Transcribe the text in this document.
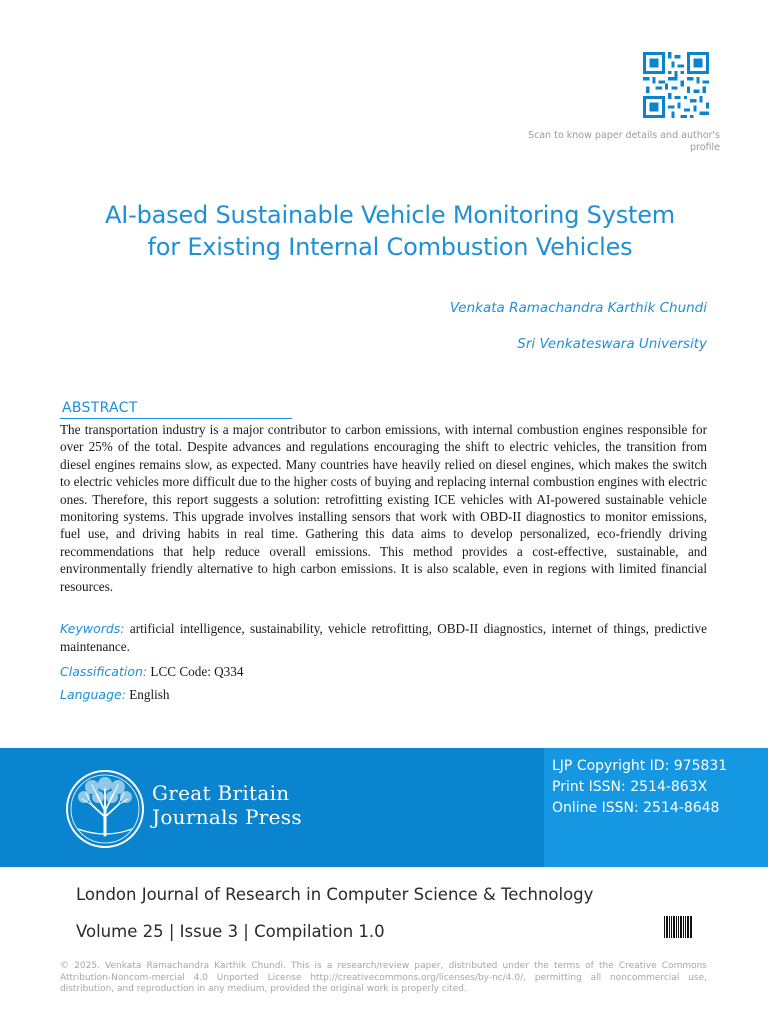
Scan to know paper details and author's profile
AI-based Sustainable Vehicle Monitoring System
for Existing Internal Combustion Vehicles
Venkata Ramachandra Karthik Chundi
Sri Venkateswara University
ABSTRACT
The transportation industry is a major contributor to carbon emissions, with internal combustion engines responsible for over 25% of the total. Despite advances and regulations encouraging the shift to electric vehicles, the transition from diesel engines remains slow, as expected. Many countries have heavily relied on diesel engines, which makes the switch to electric vehicles more difficult due to the higher costs of buying and replacing internal combustion engines with electric ones. Therefore, this report suggests a solution: retrofitting existing ICE vehicles with AI-powered sustainable vehicle monitoring systems. This upgrade involves installing sensors that work with OBD-II diagnostics to monitor emissions, fuel use, and driving habits in real time. Gathering this data aims to develop personalized, eco-friendly driving recommendations that help reduce overall emissions. This method provides a cost-effective, sustainable, and environmentally friendly alternative to high carbon emissions. It is also scalable, even in regions with limited financial resources.
Keywords: artificial intelligence, sustainability, vehicle retrofitting, OBD-II diagnostics, internet of things, predictive maintenance.
Classification: LCC Code: Q334
Language: English
Great Britain
Journals Press
LJP Copyright ID: 975831
Print ISSN: 2514-863X
Online ISSN: 2514-8648
London Journal of Research in Computer Science & Technology
Volume 25 | Issue 3 | Compilation 1.0
© 2025. Venkata Ramachandra Karthik Chundi. This is a research/review paper, distributed under the terms of the Creative Commons Attribution-Noncom-mercial 4.0 Unported License http://creativecommons.org/licenses/by-nc/4.0/, permitting all noncommercial use, distribution, and reproduction in any medium, provided the original work is properly cited.
